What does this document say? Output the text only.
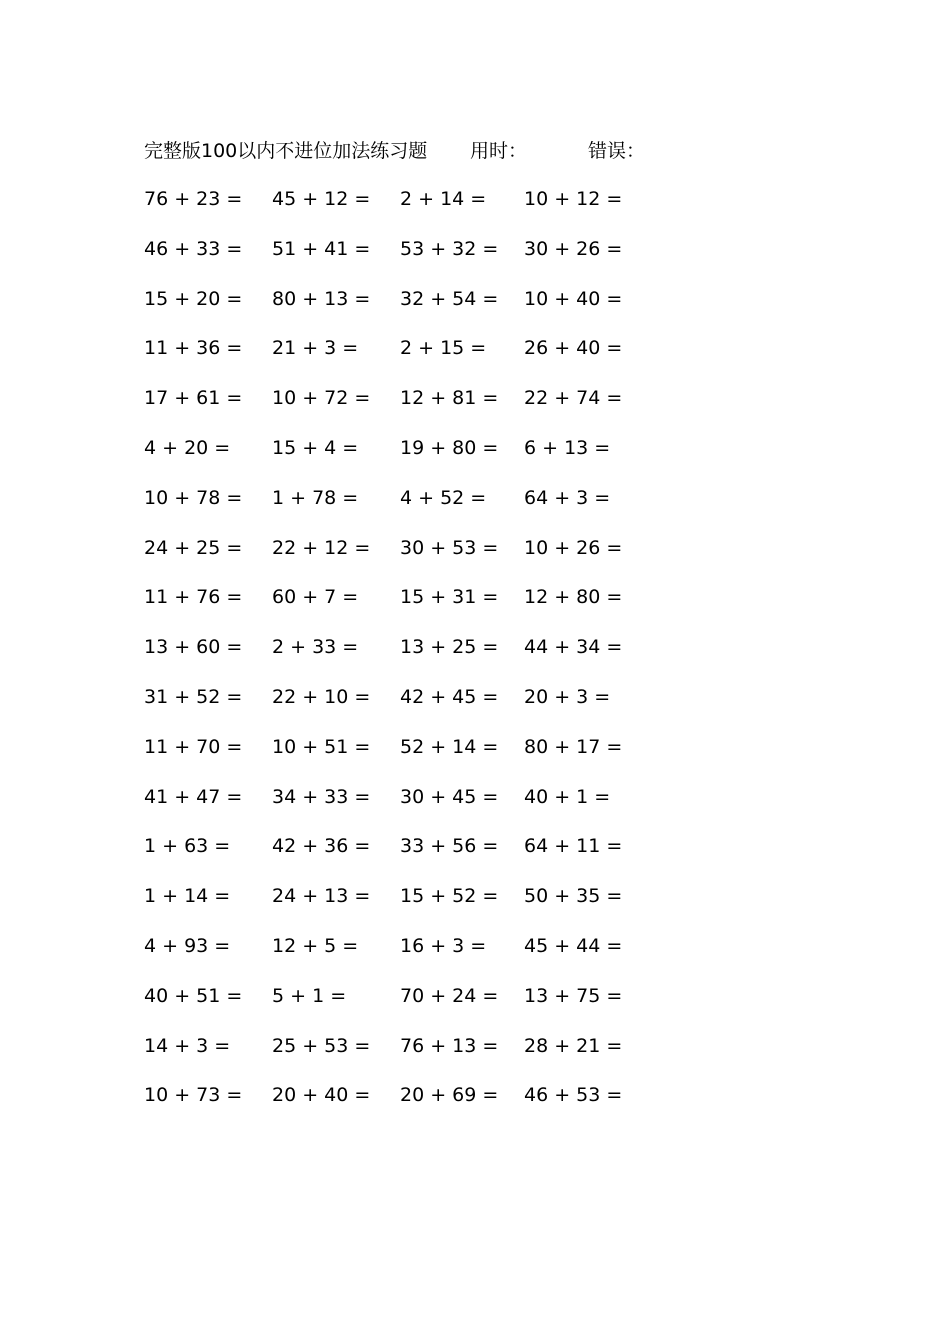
完整版100以内不进位加法练习题 用时：	错误：
76 + 23 = 45 + 12 = 2 + 14 = 10 + 12 =
46 + 33 = 51 + 41 = 53 + 32 = 30 + 26 =
15 + 20 = 80 + 13 = 32 + 54 = 10 + 40 =
11 + 36 = 21 + 3 = 2 + 15 = 26 + 40 =
17 + 61 = 10 + 72 = 12 + 81 = 22 + 74 =
4 + 20 = 15 + 4 = 19 + 80 = 6 + 13 =
10 + 78 = 1 + 78 = 4 + 52 = 64 + 3 =
24 + 25 = 22 + 12 = 30 + 53 = 10 + 26 =
11 + 76 = 60 + 7 = 15 + 31 = 12 + 80 =
13 + 60 = 2 + 33 = 13 + 25 = 44 + 34 =
31 + 52 = 22 + 10 = 42 + 45 = 20 + 3 =
11 + 70 = 10 + 51 = 52 + 14 = 80 + 17 =
41 + 47 = 34 + 33 = 30 + 45 = 40 + 1 =
1 + 63 = 42 + 36 = 33 + 56 = 64 + 11 =
1 + 14 = 24 + 13 = 15 + 52 = 50 + 35 =
4 + 93 = 12 + 5 = 16 + 3 = 45 + 44 =
40 + 51 = 5 + 1 =	70 + 24 = 13 + 75 =
14 + 3 = 25 + 53 = 76 + 13 = 28 + 21 =
10 + 73 = 20 + 40 = 20 + 69 = 46 + 53 =
